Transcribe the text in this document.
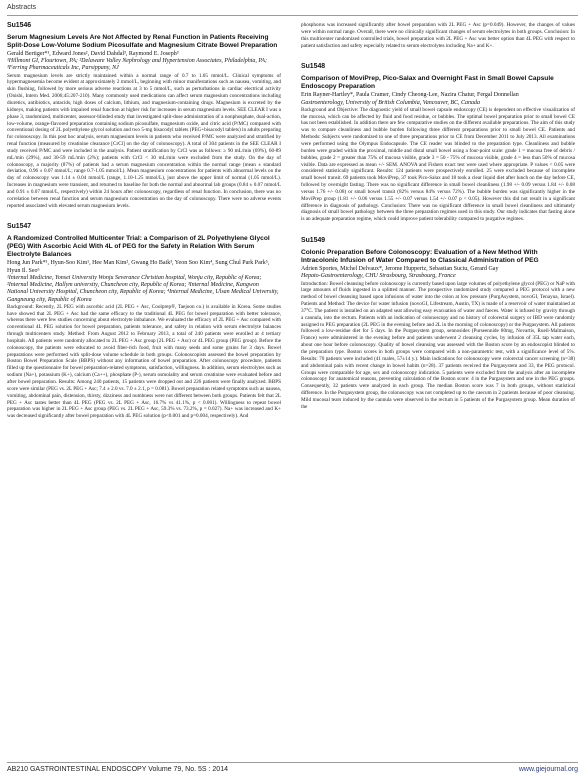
Abstracts
Su1546
Serum Magnesium Levels Are Not Affected by Renal Function in Patients Receiving Split-Dose Low-Volume Sodium Picosulfate and Magnesium Citrate Bowel Preparation
Gerald Bertiger*¹, Edward Jones², David Dahdal³, Raymond E. Joseph³
¹Hillmont GI, Flourtown, PA; ²Delaware Valley Nephrology and Hypertension Associates, Philadelphia, PA; ³Ferring Pharmaceuticals Inc, Parsippany, NJ
Serum magnesium levels are strictly maintained within a normal range of 0.7 to 1.05 mmol/L. Clinical symptoms of hypermagnesemia become evident at approximately 2 mmol/L, beginning with minor manifestations such as nausea, vomiting, and skin flushing, followed by more serious adverse reactions at 3 to 5 mmol/L, such as perturbations in cardiac electrical activity (Onishi, Intern Med. 2006;45:207-210). Many commonly used medications can affect serum magnesium concentrations including diuretics, antibiotics, antacids, high doses of calcium, lithium, and magnesium-containing drugs. Magnesium is excreted by the kidneys, making patients with impaired renal function at higher risk for increases in serum magnesium levels. SEE CLEAR I was a phase 3, randomized, multicenter, assessor-blinded study that investigated split-dose administration of a nonphosphate, dual-action, low-volume, orange-flavored preparation containing sodium picosulfate, magnesium oxide, and citric acid (P/MC) compared with conventional dosing of 2L polyethylene glycol solution and two 5-mg bisacodyl tablets (PEG+bisacodyl tablets) in adults preparing for colonoscopy. In this post hoc analysis, serum magnesium levels in patients who received P/MC were analyzed and stratified by renal function (measured by creatinine clearance [CrCl] on the day of colonoscopy). A total of 304 patients in the SEE CLEAR I study received P/MC and were included in the analysis. Patient stratification by CrCl was as follows: ≥ 90 mL/min (69%), 60-89 mL/min (29%), and 30-59 mL/min (2%); patients with CrCl < 30 mL/min were excluded from the study. On the day of colonoscopy, a majority (87%) of patients had a serum magnesium concentration within the normal range (mean ± standard deviation, 0.96 ± 0.07 mmol/L; range 0.7-1.05 mmol/L). Mean magnesium concentrations for patients with abnormal levels on the day of colonoscopy was 1.14 ± 0.04 mmol/L (range, 1.10-1.25 mmol/L), just above the upper limit of normal (1.05 mmol/L). Increases in magnesium were transient, and returned to baseline for both the normal and abnormal lab groups (0.84 ± 0.07 mmol/L and 0.91 ± 0.07 mmol/L, respectively) within 24 hours after colonoscopy, regardless of renal function. In conclusion, there was no correlation between renal function and serum magnesium concentration on the day of colonoscopy. There were no adverse events reported associated with elevated serum magnesium levels.
Su1547
A Randomized Controlled Multicenter Trial: a Comparison of 2L Polyethylene Glycol (PEG) With Ascorbic Acid With 4L of PEG for the Safety in Relation With Serum Electrolyte Balances
Hong Jun Park*¹, Hyun-Soo Kim¹, Hee Man Kim², Gwang Ho Baik³, Yeon Soo Kim⁴, Sung Chul Park Park⁵, Hyun Il. Seo⁶
¹Internal Medicine, Yonsei University Wonju Severance Christian hospital, Wonju city, Republic of Korea; ²Internal Medicine, Hallym university, Chuncheon city, Republic of Korea; ³Internal Medicine, Kangwon National University Hospital, Chuncheon city, Republic of Korea; ⁴Internal Medicine, Ulsan Medical University, Gangneung city, Republic of Korea
Background: Recently, 2L PEG with ascorbic acid (2L PEG + Asc, Coolprep®, Taejoon co.) is available in Korea. Some studies have showed that 2L PEG + Asc had the same efficacy to the traditional 4L PEG for bowel preparation with better tolerance, whereas there were few studies concerning about electrolyte imbalance. We evaluated the efficacy of 2L PEG + Asc compared with conventional 4L PEG solution for bowel preparation, patients tolerance, and safety in relation with serum electrolyte balances through multicenters study. Method: From August 2012 to February 2013, a total of 240 patients were enrolled at 4 tertiary hospitals. All patients were randomly allocated to 2L PEG + Asc group (2L PEG + Asc) or 4L PEG group (PEG group). Before the colonoscopy, the patients were educated to avoid fiber-rich food, fruit with many seeds and some grains for 3 days. Bowel preparations were performed with split-dose volume schedule in both groups. Colonoscopists assessed the bowel preparation by Boston Bowel Preparation Scale (BBPS) without any information of bowel preparation. After colonoscopy procedure, patients filled up the questionnaire for bowel preparation-related symptoms, satisfaction, willingness. In addition, serum electrolytes such as sodium (Na+), potassium (K+), calcium (Ca++), phosphate (P-), serum osmolality and serum creatinine were evaluated before and after bowel preparation. Results: Among 240 patients, 15 patients were dropped out and 226 patients were finally analyzed. BBPS score were similar (PEG vs. 2L PEG + Asc; 7.4 ± 2.0 vs. 7.0 ± 2.1, p = 0.081). Bowel preparation related symptoms such as nausea, vomiting, abdominal pain, distension, thirsty, dizziness and numbness were not different between both groups. Patients felt that 2L PEG + Asc tastes better than 4L PEG (PEG vs. 2L PEG + Asc, 16.7% vs 41.1%, p < 0.001). Willingness to repeat bowel preparation was higher in 2L PEG + Asc group (PEG vs. 2L PEG + Asc, 59.3% vs. 73.2%, p = 0.027). Na+ was increased and K+ was decreased significantly after bowel preparation with 4L PEG solution (p<0.001 and p=0.004, respectively). And
phosphorus was increased significantly after bowel preparation with 2L PEG + Asc (p=0.049). However, the changes of values were within normal range. Overall, there were no clinically significant changes of serum electrolytes in both groups. Conclusion: In this multicenter randomized controlled trials, bowel preparation with 2L PEG + Asc was better option than 4L PEG with respect to patient satisfaction and safety especially related to serum electrolytes including Na+ and K+.
Su1548
Comparison of MoviPrep, Pico-Salax and Overnight Fast in Small Bowel Capsule Endoscopy Preparation
Erin Rayner-Hartley*, Paula Cramer, Cindy Cheong-Lee, Nazira Chatur, Fergal Donnellan
Gastroenterology, University of British Columbia, Vancouver, BC, Canada
Background and Objective: The diagnostic yield of small bowel capsule endoscopy (CE) is dependent on effective visualization of the mucosa, which can be affected by fluid and food residue, or bubbles. The optimal bowel preparation prior to small bowel CE has not been established. In addition there are few comparative studies on the different available preparations. The aim of this study was to compare cleanliness and bubble burden following three different preparations prior to small bowel CE. Patients and Methods: Subjects were randomized to one of three preparations prior to CE from December 2011 to July 2013. All examinations were performed using the Olympus Endocapsule. The CE reader was blinded to the preparation type. Cleanliness and bubble burden were graded within the proximal, middle and distal small bowel using a four-point scale: grade 1 = mucosa free of debris / bubbles, grade 2 = greater than 75% of mucosa visible, grade 3 = 50 - 75% of mucosa visible, grade 4 = less than 50% of mucosa visible. Data are expressed as mean +/- SEM. ANOVA and Fishers exact test were used where appropriate. P values < 0.05 were considered statistically significant. Results: 124 patients were prospectively enrolled. 25 were excluded because of incomplete small bowel transit. 69 patients took MoviPrep, 37 took Pico-Salax and 18 took a clear liquid diet after lunch on the day before CE, followed by overnight fasting. There was no significant difference in small bowel cleanliness (1.98 +/- 0.09 versus 1.84 +/- 0.08 versus 1.76 +/- 0.08) or small bowel transit (82% versus 84% versus 72%). The bubble burden was significantly higher in the MoviPrep group (1.81 +/- 0.06 versus 1.55 +/- 0.07 versus 1.54 +/- 0.07 p < 0.05). However this did not result in a significant difference in diagnosis of pathology. Conclusion: There was no significant difference in small bowel cleanliness and ultimately diagnosis of small bowel pathology between the three preparation regimes used in this study. Our study indicates that fasting alone is an adequate preparation regime, which could improve patient tolerability compared to purgative regimes.
Su1549
Colonic Preparation Before Colonoscopy: Evaluation of a New Method With Intracolonic Infusion of Water Compared to Classical Administration of PEG
Adrien Sportes, Michel Delvaux*, Jerome Huppertz, Sebastian Suciu, Gerard Gay
Hepato-Gastroenterology, CHU Strasbourg, Strasbourg, France
Introduction: Bowel cleansing before colonoscopy is currently based upon large volumes of polyethylene glycol (PEG) or NaP with large amounts of fluids ingested in a splitted manner. The prospective randomized study compared a PEG protocol with a new method of bowel cleansing based upon infusions of water into the colon at low pressure (PurgAsystem, novoGI, Tenayua, Israel). Patients and Method: The device for water infusion (novoGI, Lifestream, Austin, TX) is made of a reservoir of water maintained at 37°C. The patient is installed on an adapted seat allowing easy evacuation of water and faeces. Water is infused by gravity through a cannula, into the rectum. Patients with an indication of colonoscopy and no history of colorectal surgery or IBD were randomly assigned to PEG preparation (2L PEG in the evening before and 2L in the morning of colonoscopy) or the Purgasystem. All patients followed a low-residue diet for 5 days. In the Purgasystem group, sennosides (Purseennide 80mg, Novartis, Rueil-Malmaison, France) were administered in the evening before and patients underwent 2 cleansing cycles, by infusion of 35L tap water each, about one hour before colonoscopy. Quality of bowel cleansing was assessed with the Boston score by an endoscopist blinded to the preparation type. Boston scores in both groups were compared with a non-parametric test, with a significance level of 5%. Results: 70 patients were included (41 males, 57±14 y.). Main indications for colonoscopy were colorectal cancer screening (n=38) and abdominal pain with recent change in bowel habits (n=28). 37 patients received the Purgasystem and 33, the PEG protocol. Groups were comparable for age, sex and colonoscopy indication. 5 patients were excluded from the analysis after an incomplete colonoscopy for anatomical reasons, preventing calculation of the Boston score: 4 in the Purgasystem and one in the PEG groups. Consequently, 32 patients were analyzed in each group. The median Boston score was 7 in both groups, without statistical difference. In the Purgasystem group, the colonoscopy was not completed up to the caecum in 2 patients because of poor cleansing. Mild mucosal tears induced by the cannula were observed in the rectum in 5 patients of the Purgasystem group. Mean duration of the
AB210 GASTROINTESTINAL ENDOSCOPY Volume 79, No. 5S : 2014	www.giejournal.org
